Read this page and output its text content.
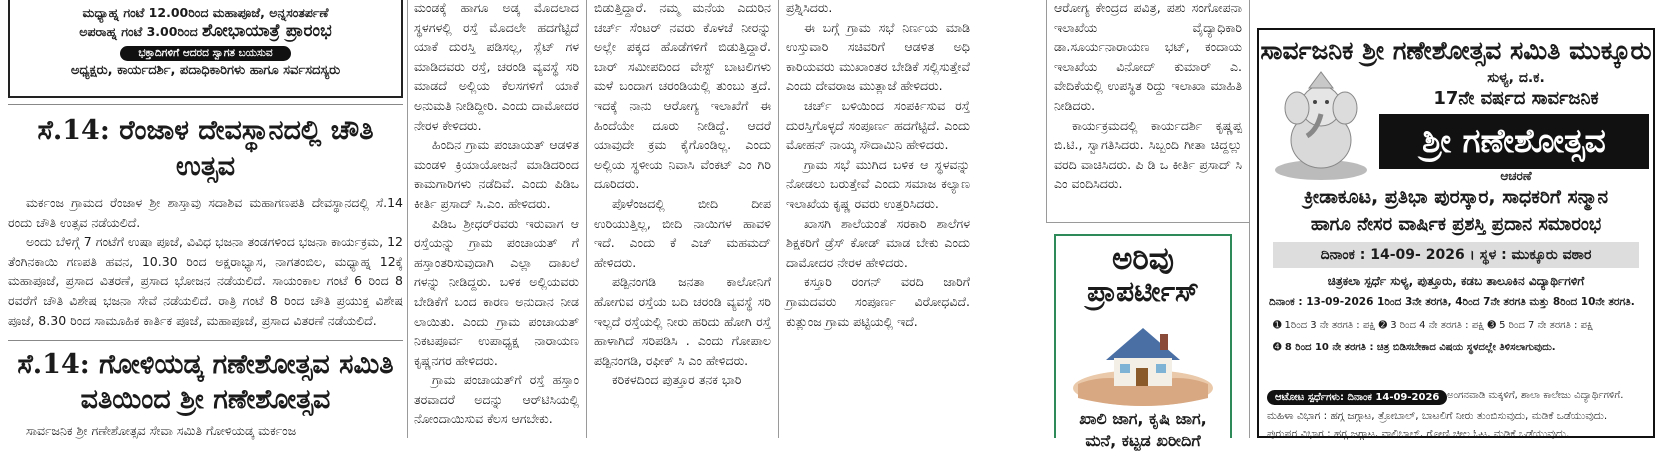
ಮಧ್ಯಾಹ್ನ ಗಂಟೆ 12.00ರಿಂದ ಮಹಾಪೂಜೆ, ಅನ್ನಸಂತರ್ಪಣೆ
ಅಪರಾಹ್ನ ಗಂಟೆ 3.00ರಿಂದ ಶೋಭಾಯಾತ್ರೆ ಪ್ರಾರಂಭ
ಭಕ್ತಾದಿಗಳಿಗೆ ಆದರದ ಸ್ವಾಗತ ಬಯಸುವ
ಅಧ್ಯಕ್ಷರು, ಕಾರ್ಯದರ್ಶಿ, ಪದಾಧಿಕಾರಿಗಳು ಹಾಗೂ ಸರ್ವಸದಸ್ಯರು
ಸೆ.14: ರೆಂಜಾಳ ದೇವಸ್ಥಾನದಲ್ಲಿ ಚೌತಿ ಉತ್ಸವ

ಮರ್ಕಂಜ ಗ್ರಾಮದ ರೆಂಜಾಳ ಶ್ರೀ ಶಾಸ್ತಾವು ಸದಾಶಿವ ಮಹಾಗಣಪತಿ ದೇವಸ್ಥಾನದಲ್ಲಿ ಸೆ.14 ರಂದು ಚೌತಿ ಉತ್ಸವ ನಡೆಯಲಿದೆ.

ಅಂದು ಬೆಳಿಗ್ಗೆ 7 ಗಂಟೆಗೆ ಉಷಾ ಪೂಜೆ, ವಿವಿಧ ಭಜನಾ ತಂಡಗಳಿಂದ ಭಜನಾ ಕಾರ್ಯಕ್ರಮ, 12 ತೆಂಗಿನಕಾಯಿ ಗಣಪತಿ ಹವನ, 10.30 ರಿಂದ ಅಕ್ಷರಾಭ್ಯಾಸ, ನಾಗತಂಬಿಲ, ಮಧ್ಯಾಹ್ನ 12ಕ್ಕೆ ಮಹಾಪೂಜೆ, ಪ್ರಸಾದ ವಿತರಣೆ, ಪ್ರಸಾದ ಭೋಜನ ನಡೆಯಲಿದೆ. ಸಾಯಂಕಾಲ ಗಂಟೆ 6 ರಿಂದ 8 ರವರೆಗೆ ಚೌತಿ ವಿಶೇಷ ಭಜನಾ ಸೇವೆ ನಡೆಯಲಿದೆ. ರಾತ್ರಿ ಗಂಟೆ 8 ರಿಂದ ಚೌತಿ ಪ್ರಯುಕ್ತ ವಿಶೇಷ ಪೂಜೆ, 8.30 ರಿಂದ ಸಾಮೂಹಿಕ ಕಾರ್ತಿಕ ಪೂಜೆ, ಮಹಾಪೂಜೆ, ಪ್ರಸಾದ ವಿತರಣೆ ನಡೆಯಲಿದೆ.

ಸೆ.14: ಗೋಳಿಯಡ್ಕ ಗಣೇಶೋತ್ಸವ ಸಮಿತಿ
ವತಿಯಿಂದ ಶ್ರೀ ಗಣೇಶೋತ್ಸವ

ಸಾರ್ವಜನಿಕ ಶ್ರೀ ಗಣೇಶೋತ್ಸವ ಸೇವಾ ಸಮಿತಿ ಗೋಳಿಯಡ್ಕ ಮರ್ಕಂಜ

ಮಂಡಕ್ಕೆ ಹಾಗೂ ಅಡ್ಕ ಮೊದಲಾದ ಸ್ಥಳಗಳಲ್ಲಿ ರಸ್ತೆ ಮೊದಲೇ ಹದಗೆಟ್ಟಿದೆ ಯಾಕೆ ದುರಸ್ತಿ ಪಡಿಸಲ್ಲ, ಸ್ಲೆಟ್ ಗಳ ಮಾಡಿದವರು ರಸ್ತೆ, ಚರಂಡಿ ವ್ಯವಸ್ಥೆ ಸರಿ ಮಾಡದೆ ಅಲ್ಲಿಯ ಕೆಲಸಗಳಿಗೆ ಯಾಕೆ ಅನುಮತಿ ನೀಡಿದ್ದೀರಿ. ಎಂದು ದಾಮೋದರ ನೇರಳ ಕೇಳಿದರು.

ಹಿಂದಿನ ಗ್ರಾಮ ಪಂಚಾಯತ್ ಆಡಳಿತ ಮಂಡಳಿ ಕ್ರಿಯಾಯೋಜನೆ ಮಾಡಿದರಿಂದ ಕಾಮಗಾರಿಗಳು ನಡೆದಿವೆ. ಎಂದು ಪಿಡಿಒ ಕೀರ್ತಿ ಪ್ರಸಾದ್ ಸಿ.ಎಂ. ಹೇಳಿದರು.

ಪಿಡಿಒ ಶ್ರೀಧರ್‌ರವರು ಇರುವಾಗ ಆ ರಸ್ತೆಯನ್ನು ಗ್ರಾಮ ಪಂಚಾಯತ್ ಗೆ ಹಸ್ತಾಂತರಿಸುವುದಾಗಿ ಎಲ್ಲಾ ದಾಖಲೆ ಗಳನ್ನು ನೀಡಿದ್ದರು. ಬಳಿಕ ಅಲ್ಲಿಯವರು ಬೇಡಿಕೆಗೆ ಬಂದ ಕಾರಣ ಅನುದಾನ ನೀಡ ಲಾಯಿತು. ಎಂದು ಗ್ರಾಮ ಪಂಚಾಯತ್ ನಿಕಟಪೂರ್ವ ಉಪಾಧ್ಯಕ್ಷ ನಾರಾಯಣ ಕೃಷ್ಣನಗರ ಹೇಳಿದರು.

ಗ್ರಾಮ ಪಂಚಾಯತ್‌ಗೆ ರಸ್ತೆ ಹಸ್ತಾಂ ತರವಾದರೆ ಅದನ್ನು ಆರ್‌ಟಿಸಿಯಲ್ಲಿ ನೋಂದಾಯಿಸುವ ಕೆಲಸ ಆಗಬೇಕು.

ಬಿಡುತ್ತಿದ್ದಾರೆ. ನಮ್ಮ ಮನೆಯ ಎದುರಿನ ಚರ್ಚ್ ಸೆಂಟರ್ ನವರು ಕೊಳಚೆ ನೀರನ್ನು ಅಲ್ಲೇ ಪಕ್ಕದ ಹೊಡೆಗಳಿಗೆ ಬಿಡುತ್ತಿದ್ದಾರೆ. ಬಾರ್ ಸಮೀಪದಿಂದ ವೇಸ್ಟ್ ಬಾಟಲಿಗಳು ಮಳೆ ಬಂದಾಗ ಚರಂಡಿಯಲ್ಲಿ ತುಂಬು ತ್ತದೆ. ಇದಕ್ಕೆ ನಾನು ಆರೋಗ್ಯ ಇಲಾಖೆಗೆ ಈ ಹಿಂದೆಯೇ ದೂರು ನೀಡಿದ್ದೆ. ಆದರೆ ಯಾವುದೇ ಕ್ರಮ ಕೈಗೊಂಡಿಲ್ಲ. ಎಂದು ಅಲ್ಲಿಯ ಸ್ಥಳೀಯ ನಿವಾಸಿ ವೆಂಕಟ್ ಎಂ ಗಿರಿ ದೂರಿದರು.

ಪೊಳೆಂಜದಲ್ಲಿ ಬೀದಿ ದೀಪ ಉರಿಯುತ್ತಿಲ್ಲ, ಬೀದಿ ನಾಯಿಗಳ ಹಾವಳಿ ಇದೆ. ಎಂದು ಕೆ ಎಚ್ ಮಹಮದ್ ಹೇಳಿದರು.

ಪಡ್ಪಿನಂಗಡಿ ಜನತಾ ಕಾಲೋನಿಗೆ ಹೋಗುವ ರಸ್ತೆಯ ಬದಿ ಚರಂಡಿ ವ್ಯವಸ್ಥೆ ಸರಿ ಇಲ್ಲದೆ ರಸ್ತೆಯಲ್ಲಿ ನೀರು ಹರಿದು ಹೋಗಿ ರಸ್ತೆ ಹಾಳಾಗಿದೆ ಸರಿಪಡಿಸಿ . ಎಂದು ಗೋಪಾಲ ಪಡ್ಪಿನಂಗಡಿ, ರಫೀಕ್ ಸಿ ಎಂ ಹೇಳಿದರು.

ಕರಿಕಳದಿಂದ ಪುತ್ತೂರ ತನಕ ಭಾರಿ

ಪ್ರಶ್ನಿಸಿದರು.

ಈ ಬಗ್ಗೆ ಗ್ರಾಮ ಸಭೆ ನಿರ್ಣಯ ಮಾಡಿ ಉಸ್ತುವಾರಿ ಸಚಿವರಿಗೆ ಆಡಳಿತ ಅಧಿ ಕಾರಿಯವರು ಮುಖಾಂತರ ಬೇಡಿಕೆ ಸಲ್ಲಿಸುತ್ತೇವೆ ಎಂದು ದೇವರಾಜ ಮುತ್ಲಾಜೆ ಹೇಳಿದರು.

ಚರ್ಚ್ ಬಳಿಯಿಂದ ಸಂಪರ್ಕಿಸುವ ರಸ್ತೆ ದುರಸ್ತಿಗೊಳ್ಳದೆ ಸಂಪೂರ್ಣ ಹದಗೆಟ್ಟಿದೆ. ಎಂದು ಮೋಹನ್ ನಾಯ್ಕ ಸೌದಾಮಿನಿ ಹೇಳಿದರು.

ಗ್ರಾಮ ಸಭೆ ಮುಗಿದ ಬಳಿಕ ಆ ಸ್ಥಳವನ್ನು ನೋಡಲು ಬರುತ್ತೇವೆ ಎಂದು ಸಮಾಜ ಕಲ್ಯಾಣ ಇಲಾಖೆಯ ಕೃಷ್ಣ ರವರು ಉತ್ತರಿಸಿದರು.

ಖಾಸಗಿ ಶಾಲೆಯಂತೆ ಸರಕಾರಿ ಶಾಲೆಗಳ ಶಿಕ್ಷಕರಿಗೆ ಡ್ರೆಸ್ ಕೋಡ್ ಮಾಡ ಬೇಕು ಎಂದು ದಾಮೋದರ ನೇರಳ ಹೇಳಿದರು.

ಕಸ್ತೂರಿ ರಂಗನ್ ವರದಿ ಜಾರಿಗೆ ಗ್ರಾಮದವರು ಸಂಪೂರ್ಣ ವಿರೋಧವಿದೆ. ಕುತ್ಲುಂಜ ಗ್ರಾಮ ಪಟ್ಟಿಯಲ್ಲಿ ಇದೆ.

ಆರೋಗ್ಯ ಕೇಂದ್ರದ ಪವಿತ್ರ, ಪಶು ಸಂಗೋಪನಾ ಇಲಾಖೆಯ ವೈದ್ಯಾಧಿಕಾರಿ ಡಾ.ಸೂರ್ಯನಾರಾಯಣ ಭಟ್, ಕಂದಾಯ ಇಲಾಖೆಯ ವಿನೋದ್ ಕುಮಾರ್ ಎ. ವೇದಿಕೆಯಲ್ಲಿ ಉಪಸ್ಥಿತ ರಿದ್ದು ಇಲಾಖಾ ಮಾಹಿತಿ ನೀಡಿದರು.

ಕಾರ್ಯಕ್ರಮದಲ್ಲಿ ಕಾರ್ಯದರ್ಶಿ ಕೃಷ್ಣಪ್ಪ ಬಿ.ಟಿ., ಸ್ವಾಗತಿಸಿದರು. ಸಿಬ್ಬಂದಿ ಗೀತಾ ಚಿದ್ದಲ್ಲು ವರದಿ ವಾಚಿಸಿದರು. ಪಿ ಡಿ ಒ ಕೀರ್ತಿ ಪ್ರಸಾದ್ ಸಿ ಎಂ ವಂದಿಸಿದರು.

ಅರಿವು
ಪ್ರಾಪರ್ಟೀಸ್
ಖಾಲಿ ಜಾಗ, ಕೃಷಿ ಜಾಗ,
ಮನೆ, ಕಟ್ಟಡ ಖರೀದಿಗೆ
ಸಾರ್ವಜನಿಕ ಶ್ರೀ ಗಣೇಶೋತ್ಸವ ಸಮಿತಿ ಮುಕ್ಕೂರು
ಸುಳ್ಯ, ದ.ಕ.
17ನೇ ವರ್ಷದ ಸಾರ್ವಜನಿಕ
ಶ್ರೀ ಗಣೇಶೋತ್ಸವ
ಆಚರಣೆ
ಕ್ರೀಡಾಕೂಟ, ಪ್ರತಿಭಾ ಪುರಸ್ಕಾರ, ಸಾಧಕರಿಗೆ ಸನ್ಮಾನ
ಹಾಗೂ ನೇಸರ ವಾರ್ಷಿಕ ಪ್ರಶಸ್ತಿ ಪ್ರದಾನ ಸಮಾರಂಭ
ದಿನಾಂಕ : 14-09- 2026 । ಸ್ಥಳ : ಮುಕ್ಕೂರು ವಠಾರ
ಚಿತ್ರಕಲಾ ಸ್ಪರ್ಧೆ ಸುಳ್ಯ, ಪುತ್ತೂರು, ಕಡಬ ತಾಲೂಕಿನ ವಿದ್ಯಾರ್ಥಿಗಳಿಗೆ
ದಿನಾಂಕ : 13-09-2026 1ರಿಂದ 3ನೇ ತರಗತಿ, 4ರಿಂದ 7ನೇ ತರಗತಿ ಮತ್ತು 8ರಿಂದ 10ನೇ ತರಗತಿ.
➊ 1ರಿಂದ 3 ನೇ ತರಗತಿ : ಪಕ್ಷಿ ➋ 3 ರಿಂದ 4 ನೇ ತರಗತಿ : ಪಕ್ಷಿ ➌ 5 ರಿಂದ 7 ನೇ ತರಗತಿ : ಪಕ್ಷಿ
➍ 8 ರಿಂದ 10 ನೇ ತರಗತಿ : ಚಿತ್ರ ಬಿಡಿಸಬೇಕಾದ ವಿಷಯ ಸ್ಥಳದಲ್ಲೇ ತಿಳಿಸಲಾಗುವುದು.
ಆಟೋಟ ಸ್ಪರ್ಧೆಗಳು: ದಿನಾಂಕ 14-09-2026 ಅಂಗನವಾಡಿ ಮಕ್ಕಳಿಗೆ, ಶಾಲಾ ಕಾಲೇಜು ವಿದ್ಯಾರ್ಥಿಗಳಿಗೆ.
ಮಹಿಳಾ ವಿಭಾಗ : ಹಗ್ಗ ಜಗ್ಗಾಟ, ತ್ರೋಬಾಲ್, ಬಾಟಲಿಗೆ ನೀರು ತುಂಬಿಸುವುದು, ಮಡಿಕೆ ಒಡೆಯುವುದು.
ಪುರುಷರ ವಿಭಾಗ : ಹಗ್ಗ ಜಗ್ಗಾಟ, ವಾಲಿಬಾಲ್, ಗೋಣಿ ಚೀಲ ಓಟ, ಮಡಿಕೆ ಒಡೆಯುವುದು.
